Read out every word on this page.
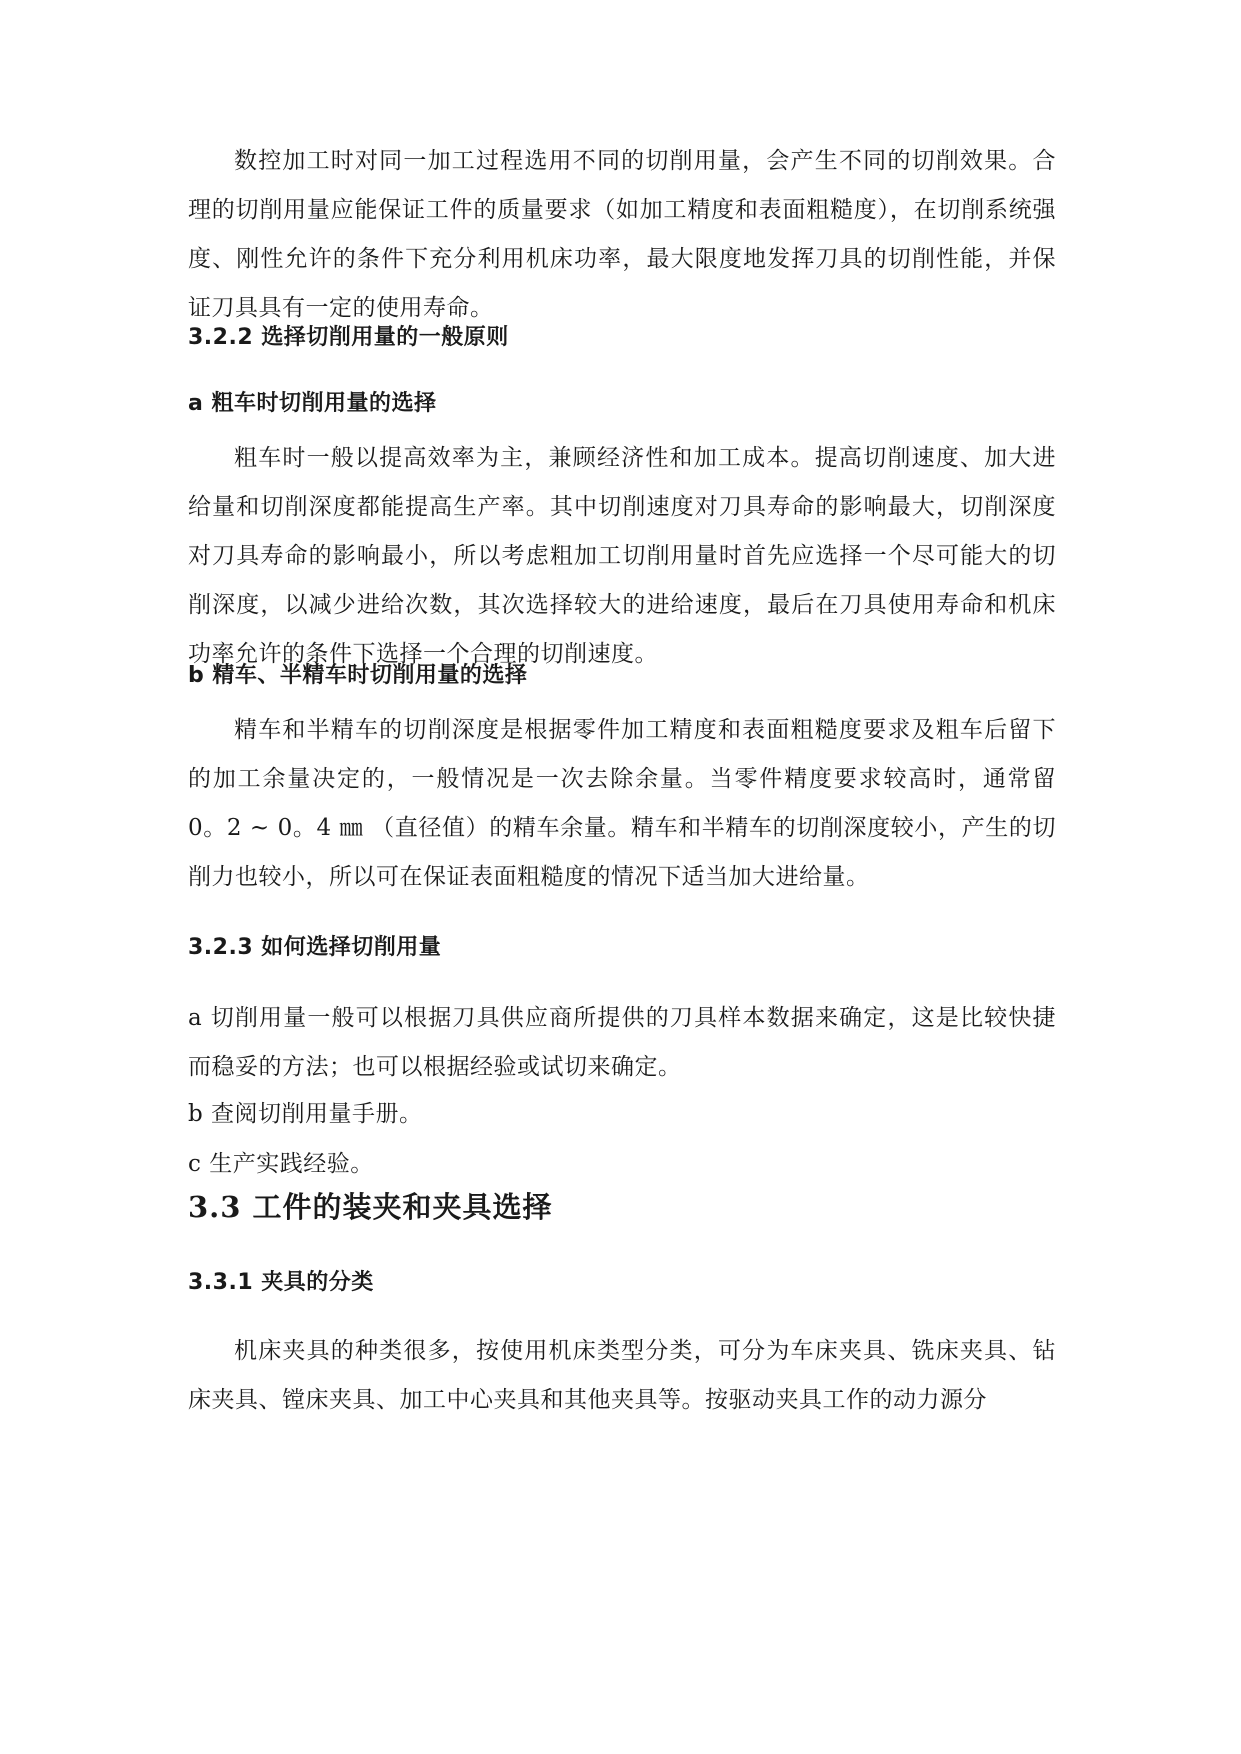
数控加工时对同一加工过程选用不同的切削用量，会产生不同的切削效果。合理的切削用量应能保证工件的质量要求（如加工精度和表面粗糙度），在切削系统强度、刚性允许的条件下充分利用机床功率，最大限度地发挥刀具的切削性能，并保证刀具具有一定的使用寿命。

3.2.2 选择切削用量的一般原则
a 粗车时切削用量的选择

粗车时一般以提高效率为主，兼顾经济性和加工成本。提高切削速度、加大进给量和切削深度都能提高生产率。其中切削速度对刀具寿命的影响最大，切削深度对刀具寿命的影响最小，所以考虑粗加工切削用量时首先应选择一个尽可能大的切削深度，以减少进给次数，其次选择较大的进给速度，最后在刀具使用寿命和机床功率允许的条件下选择一个合理的切削速度。

b 精车、半精车时切削用量的选择

精车和半精车的切削深度是根据零件加工精度和表面粗糙度要求及粗车后留下的加工余量决定的，一般情况是一次去除余量。当零件精度要求较高时，通常留 0。2 ~ 0。4 ㎜ （直径值）的精车余量。精车和半精车的切削深度较小，产生的切削力也较小，所以可在保证表面粗糙度的情况下适当加大进给量。

3.2.3 如何选择切削用量

a 切削用量一般可以根据刀具供应商所提供的刀具样本数据来确定，这是比较快捷而稳妥的方法；也可以根据经验或试切来确定。

b 查阅切削用量手册。

c 生产实践经验。

3.3 工件的装夹和夹具选择
3.3.1 夹具的分类

机床夹具的种类很多，按使用机床类型分类，可分为车床夹具、铣床夹具、钻床夹具、镗床夹具、加工中心夹具和其他夹具等。按驱动夹具工作的动力源分
